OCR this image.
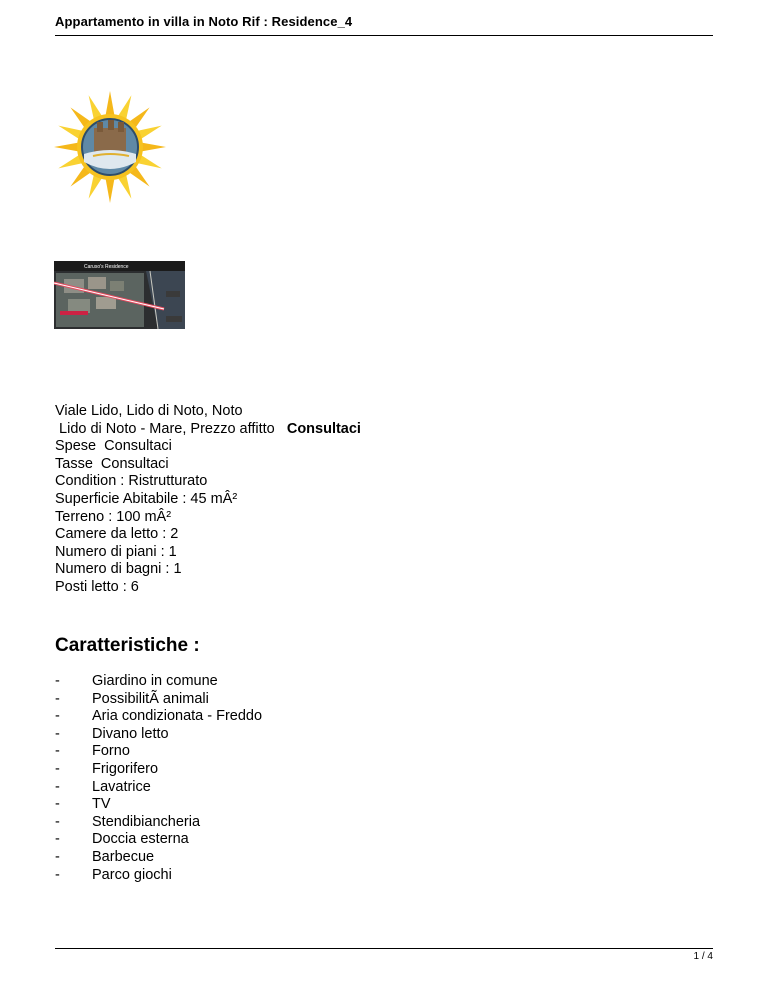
Appartamento in villa in Noto Rif : Residence_4
Caruso's Residence
Viale Lido, Lido di Noto, Noto
Lido di Noto - Mare, Prezzo affitto   Consultaci
Spese  Consultaci
Tasse  Consultaci
Condition : Ristrutturato
Superficie Abitabile : 45 mÂ²
Terreno : 100 mÂ²
Camere da letto : 2
Numero di piani : 1
Numero di bagni : 1
Posti letto : 6
Caratteristiche :
-	Giardino in comune
-	PossibilitÃ animali
-	Aria condizionata - Freddo
-	Divano letto
-	Forno
-	Frigorifero
-	Lavatrice
-	TV
-	Stendibiancheria
-	Doccia esterna
-	Barbecue
-	Parco giochi
1 / 4
